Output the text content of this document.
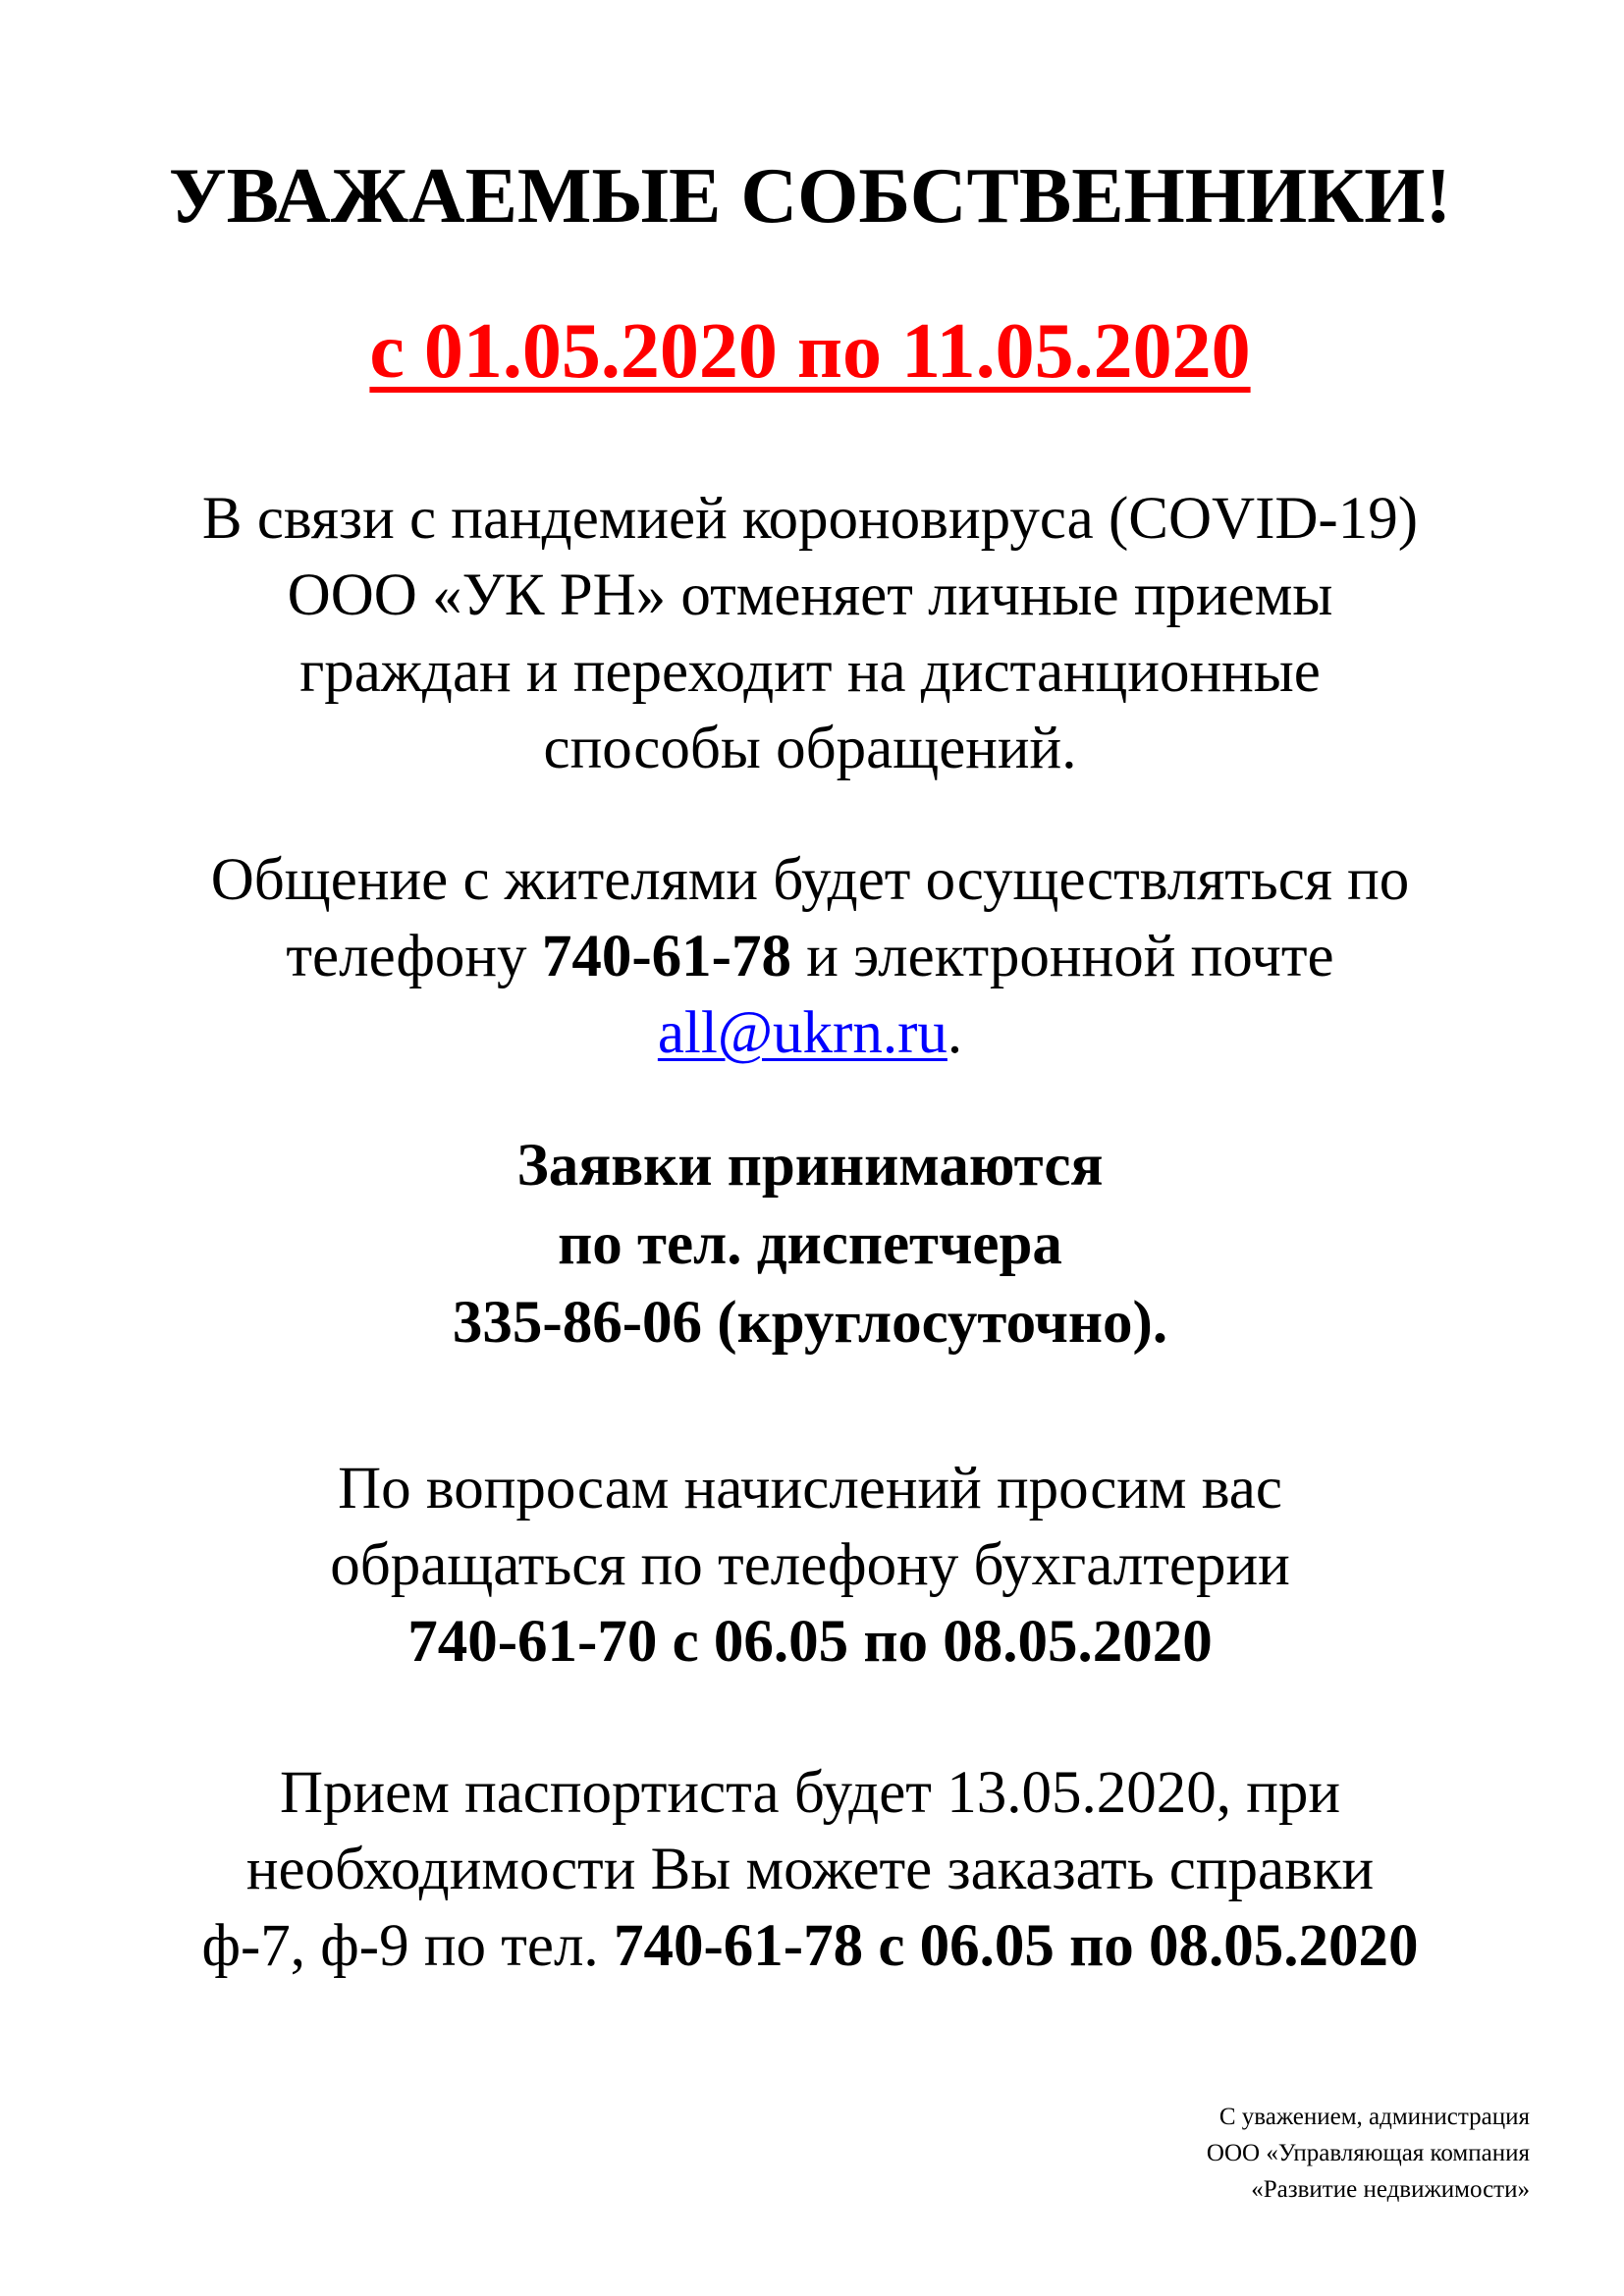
УВАЖАЕМЫЕ СОБСТВЕННИКИ!
с 01.05.2020 по 11.05.2020
В связи с пандемией короновируса (COVID-19)
ООО «УК РН» отменяет личные приемы
граждан и переходит на дистанционные
способы обращений.
Общение с жителями будет осуществляться по
телефону 740-61-78 и электронной почте
all@ukrn.ru.
Заявки принимаются
по тел. диспетчера
335-86-06 (круглосуточно).
По вопросам начислений просим вас
обращаться по телефону бухгалтерии
740-61-70 с 06.05 по 08.05.2020
Прием паспортиста будет 13.05.2020, при
необходимости Вы можете заказать справки
ф-7, ф-9 по тел. 740-61-78 с 06.05 по 08.05.2020
С уважением, администрация
ООО «Управляющая компания
«Развитие недвижимости»
